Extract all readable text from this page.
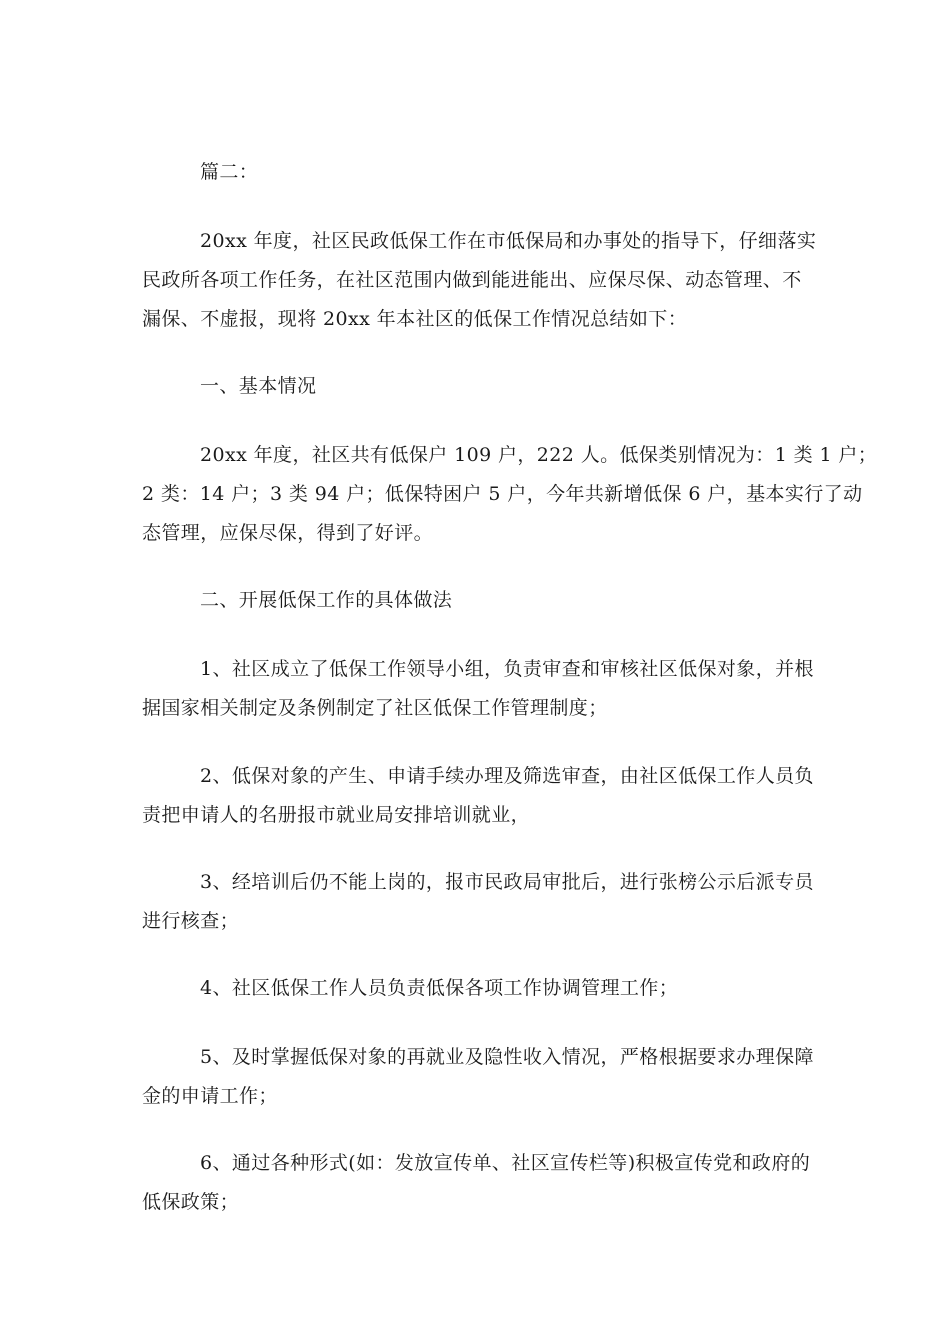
篇二：

20xx 年度，社区民政低保工作在市低保局和办事处的指导下，仔细落实
民政所各项工作任务，在社区范围内做到能进能出、应保尽保、动态管理、不
漏保、不虚报，现将 20xx 年本社区的低保工作情况总结如下：

一、基本情况

20xx 年度，社区共有低保户 109 户，222 人。低保类别情况为：1 类 1 户；
2 类：14 户；3 类 94 户；低保特困户 5 户，今年共新增低保 6 户，基本实行了动
态管理，应保尽保，得到了好评。

二、开展低保工作的具体做法

1、社区成立了低保工作领导小组，负责审查和审核社区低保对象，并根
据国家相关制定及条例制定了社区低保工作管理制度；

2、低保对象的产生、申请手续办理及筛选审查，由社区低保工作人员负
责把申请人的名册报市就业局安排培训就业，

3、经培训后仍不能上岗的，报市民政局审批后，进行张榜公示后派专员
进行核查；

4、社区低保工作人员负责低保各项工作协调管理工作；

5、及时掌握低保对象的再就业及隐性收入情况，严格根据要求办理保障
金的申请工作；

6、通过各种形式(如：发放宣传单、社区宣传栏等)积极宣传党和政府的
低保政策；
